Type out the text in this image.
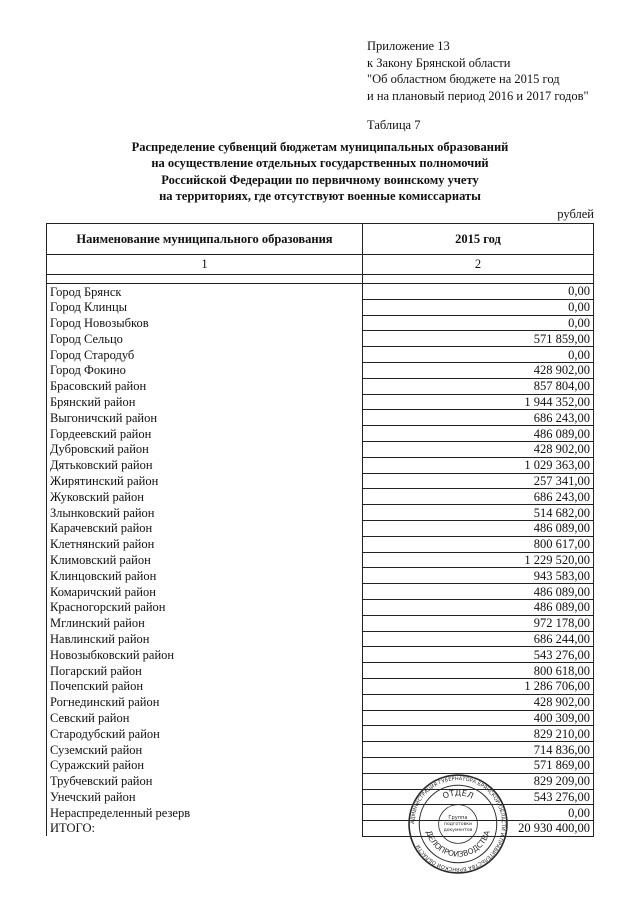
Приложение 13
к Закону Брянской области
"Об областном бюджете на 2015 год
и на плановый период 2016 и 2017 годов"
Таблица 7
Распределение субвенций бюджетам муниципальных образований
на осуществление отдельных государственных полномочий
Российской Федерации по первичному воинскому учету
на территориях, где отсутствуют военные комиссариаты
рублей
Наименование муниципального образования	2015 год
1	2

Город Брянск	0,00
Город Клинцы	0,00
Город Новозыбков	0,00
Город Сельцо	571 859,00
Город Стародуб	0,00
Город Фокино	428 902,00
Брасовский район	857 804,00
Брянский район	1 944 352,00
Выгоничский район	686 243,00
Гордеевский район	486 089,00
Дубровский район	428 902,00
Дятьковский район	1 029 363,00
Жирятинский район	257 341,00
Жуковский район	686 243,00
Злынковский район	514 682,00
Карачевский район	486 089,00
Клетнянский район	800 617,00
Климовский район	1 229 520,00
Клинцовский район	943 583,00
Комаричский район	486 089,00
Красногорский район	486 089,00
Мглинский район	972 178,00
Навлинский район	686 244,00
Новозыбковский район	543 276,00
Погарский район	800 618,00
Почепский район	1 286 706,00
Рогнединский район	428 902,00
Севский район	400 309,00
Стародубский район	829 210,00
Суземский район	714 836,00
Суражский район	571 869,00
Трубчевский район	829 209,00
Унечский район	543 276,00
Нераспределенный резерв	0,00
ИТОГО:	20 930 400,00
АДМИНИСТРАЦИЯ ГУБЕРНАТОРА БРЯНСКОЙ ОБЛАСТИ И ПРАВИТЕЛЬСТВА БРЯНСКОЙ ОБЛАСТИ
ОТДЕЛ
ДЕЛОПРОИЗВОДСТВА
Группа
подготовки
документов
